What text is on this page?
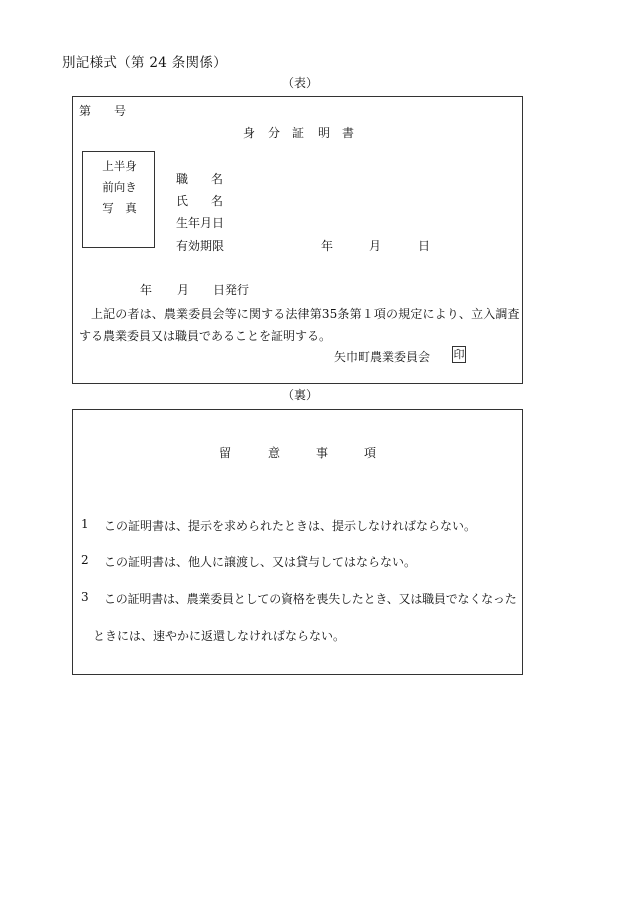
別記様式（第 24 条関係）
（表）
第 号
身 分 証 明 書
上半身
前向き
写　真
職 名
氏 名
生年月日
有効期限	年	月	日
年 月 日発行
上記の者は、農業委員会等に関する法律第35条第１項の規定により、立入調査
する農業委員又は職員であることを証明する。
矢巾町農業委員会 印
（裏）
留	意	事	項
1 この証明書は、提示を求められたときは、提示しなければならない。
2 この証明書は、他人に譲渡し、又は貸与してはならない。
3 この証明書は、農業委員としての資格を喪失したとき、又は職員でなくなった
ときには、速やかに返還しなければならない。
